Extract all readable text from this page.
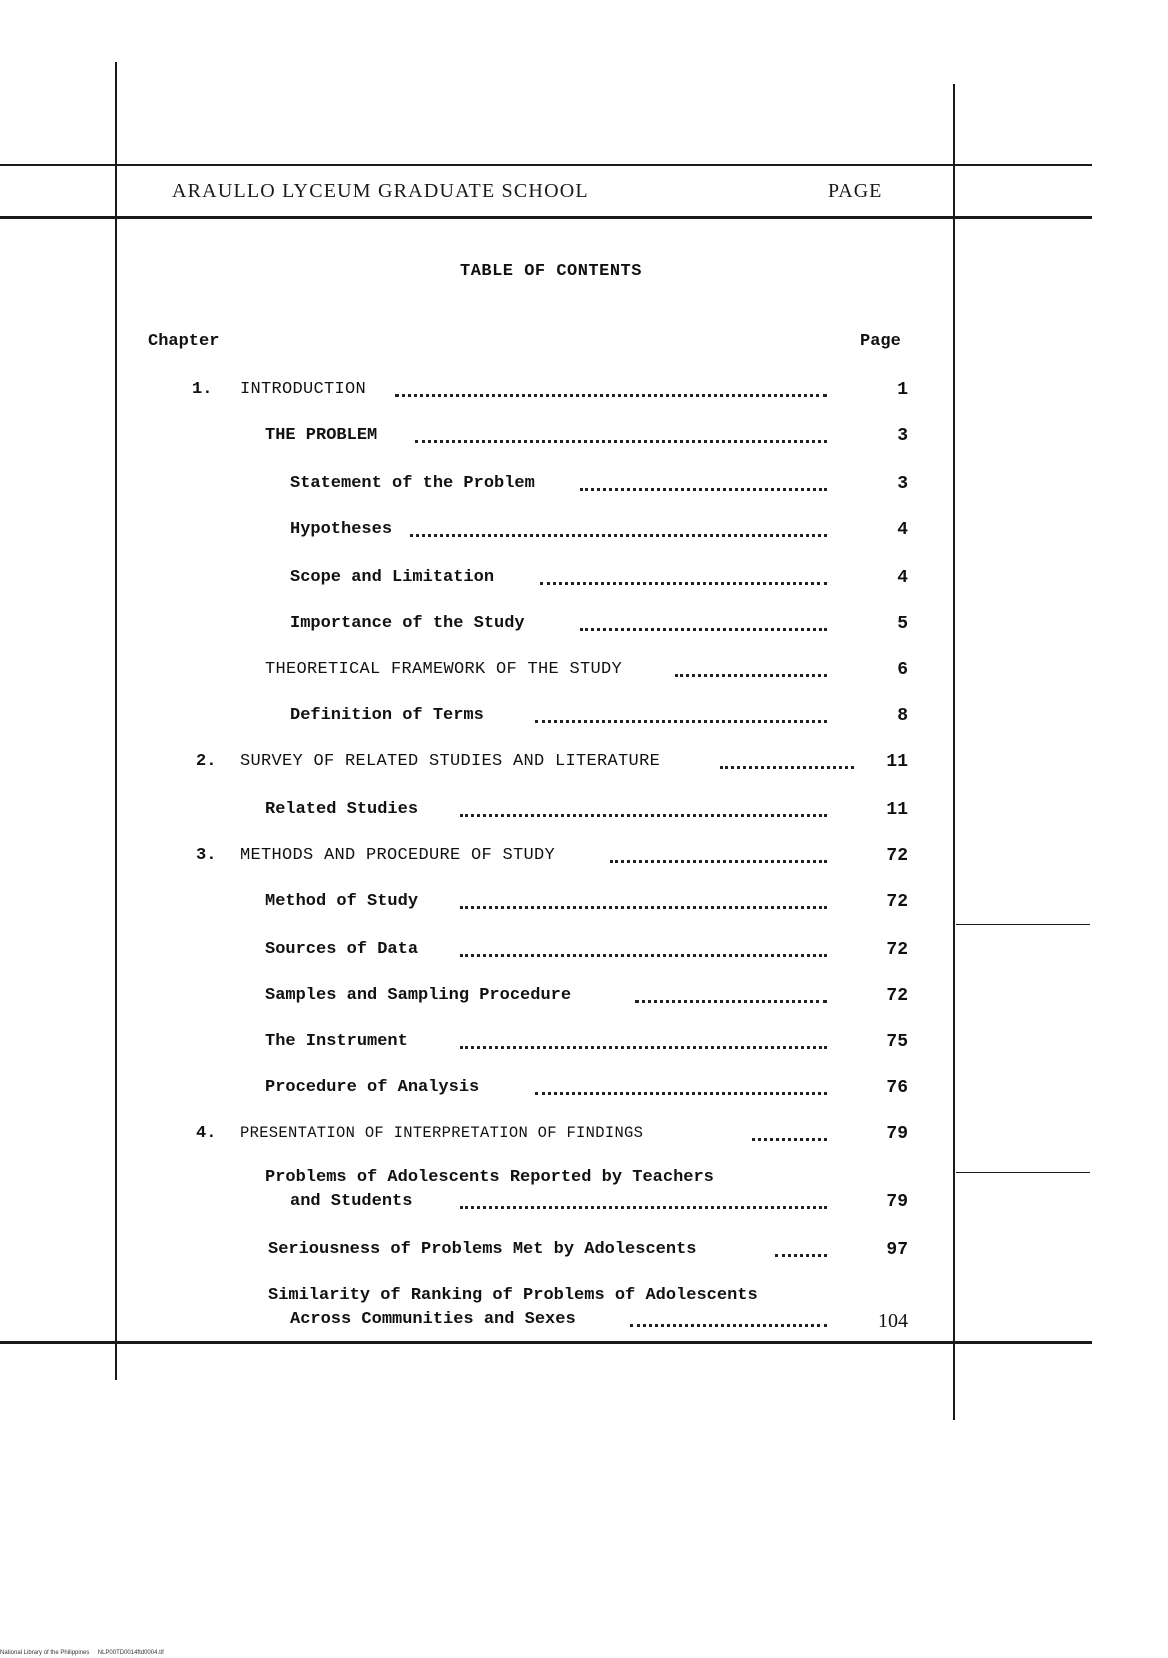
ARAULLO LYCEUM GRADUATE SCHOOL	PAGE
TABLE OF CONTENTS
Chapter	Page
1. INTRODUCTION	1
THE PROBLEM	3
Statement of the Problem	3
Hypotheses	4
Scope and Limitation	4
Importance of the Study	5
THEORETICAL FRAMEWORK OF THE STUDY	6
Definition of Terms	8
2. SURVEY OF RELATED STUDIES AND LITERATURE	11
Related Studies	11
3. METHODS AND PROCEDURE OF STUDY	72
Method of Study	72
Sources of Data	72
Samples and Sampling Procedure	72
The Instrument	75
Procedure of Analysis	76
4. PRESENTATION OF INTERPRETATION OF FINDINGS	79
Problems of Adolescents Reported by Teachers
and Students	79
Seriousness of Problems Met by Adolescents	97
Similarity of Ranking of Problems of Adolescents
Across Communities and Sexes	104
National Library of the Philippines NLP00TD0014ftd0004.tif
